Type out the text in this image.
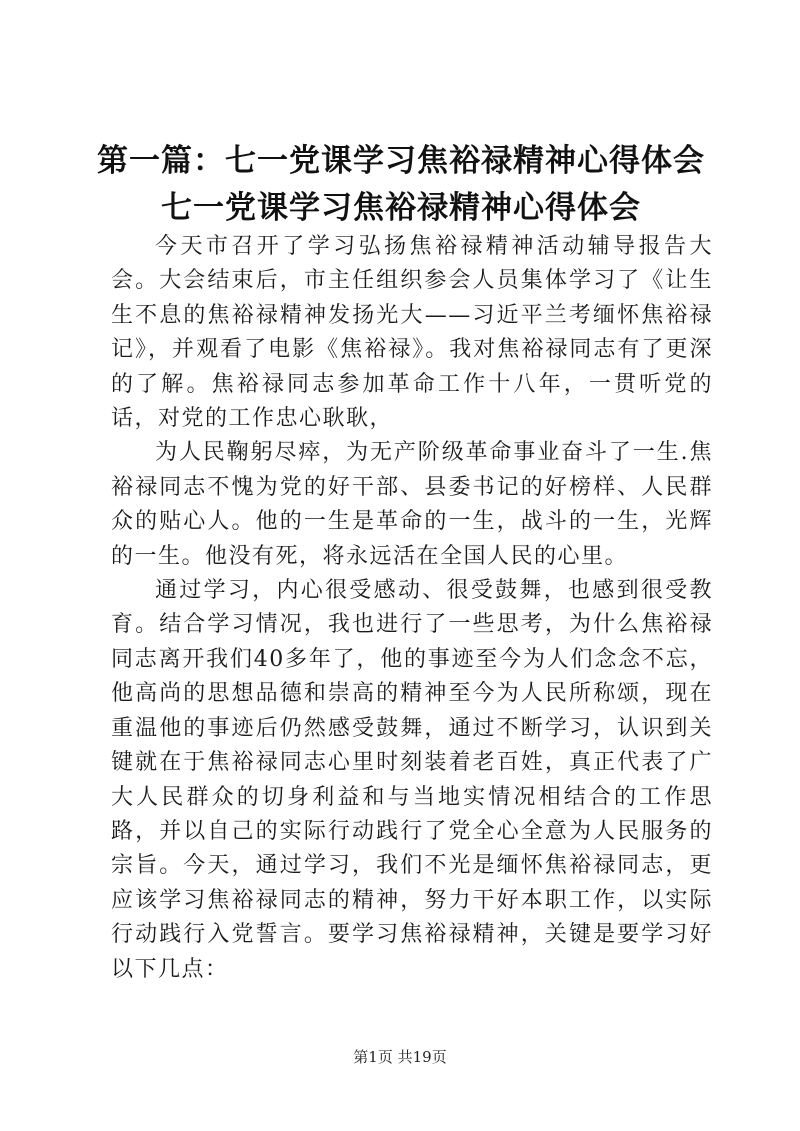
第一篇：七一党课学习焦裕禄精神心得体会七一党课学习焦裕禄精神心得体会

今天市召开了学习弘扬焦裕禄精神活动辅导报告大会。大会结束后，市主任组织参会人员集体学习了《让生生不息的焦裕禄精神发扬光大——习近平兰考缅怀焦裕禄记》，并观看了电影《焦裕禄》。我对焦裕禄同志有了更深的了解。焦裕禄同志参加革命工作十八年，一贯听党的话，对党的工作忠心耿耿，

为人民鞠躬尽瘁，为无产阶级革命事业奋斗了一生.焦裕禄同志不愧为党的好干部、县委书记的好榜样、人民群众的贴心人。他的一生是革命的一生，战斗的一生，光辉的一生。他没有死，将永远活在全国人民的心里。

通过学习，内心很受感动、很受鼓舞，也感到很受教育。结合学习情况，我也进行了一些思考，为什么焦裕禄同志离开我们40多年了，他的事迹至今为人们念念不忘，他高尚的思想品德和崇高的精神至今为人民所称颂，现在重温他的事迹后仍然感受鼓舞，通过不断学习，认识到关键就在于焦裕禄同志心里时刻装着老百姓，真正代表了广大人民群众的切身利益和与当地实情况相结合的工作思路，并以自己的实际行动践行了党全心全意为人民服务的宗旨。今天，通过学习，我们不光是缅怀焦裕禄同志，更应该学习焦裕禄同志的精神，努力干好本职工作，以实际行动践行入党誓言。要学习焦裕禄精神，关键是要学习好以下几点：

第1页 共19页
